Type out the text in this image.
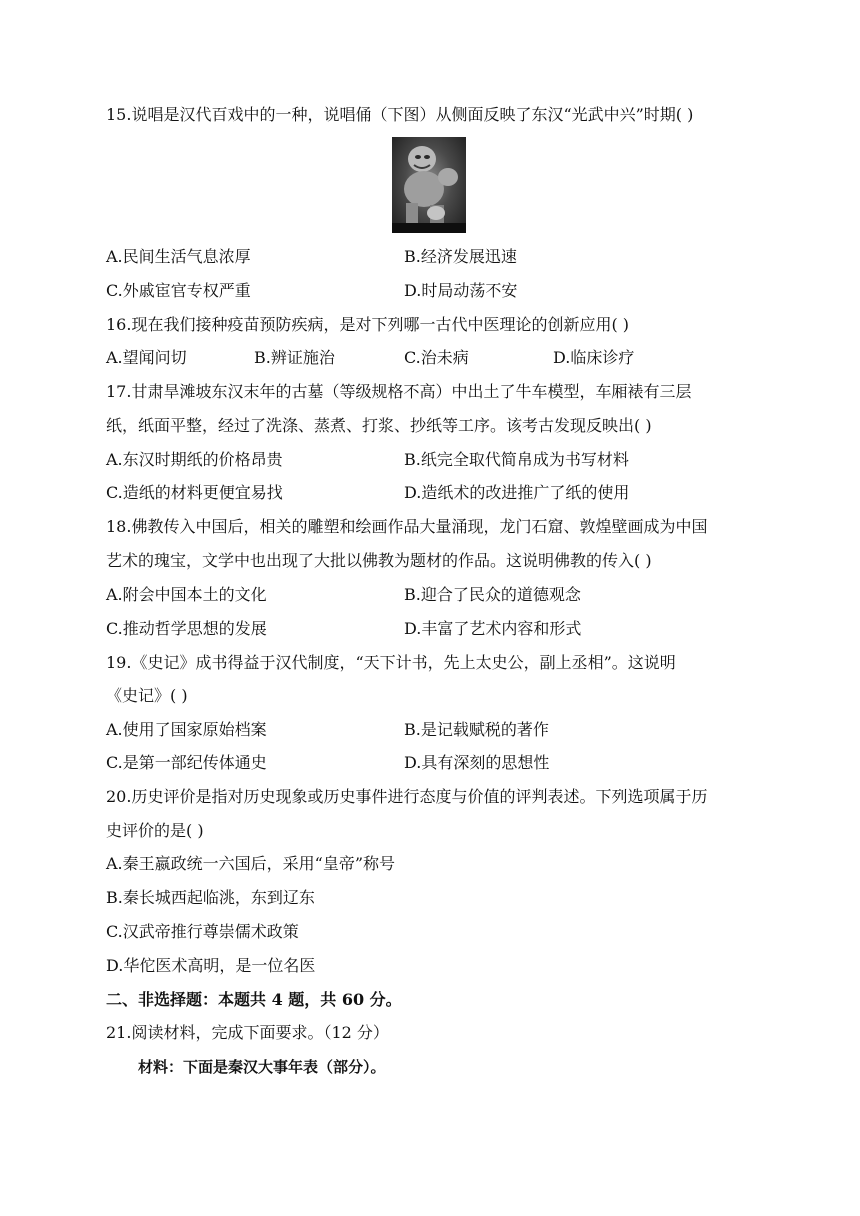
15.说唱是汉代百戏中的一种，说唱俑（下图）从侧面反映了东汉“光武中兴”时期( )
A.民间生活气息浓厚	B.经济发展迅速
C.外戚宦官专权严重	D.时局动荡不安
16.现在我们接种疫苗预防疾病，是对下列哪一古代中医理论的创新应用( )
A.望闻问切	B.辨证施治	C.治未病	D.临床诊疗
17.甘肃旱滩坡东汉末年的古墓（等级规格不高）中出土了牛车模型，车厢裱有三层
纸，纸面平整，经过了洗涤、蒸煮、打浆、抄纸等工序。该考古发现反映出( )
A.东汉时期纸的价格昂贵	B.纸完全取代简帛成为书写材料
C.造纸的材料更便宜易找	D.造纸术的改进推广了纸的使用
18.佛教传入中国后，相关的雕塑和绘画作品大量涌现，龙门石窟、敦煌壁画成为中国
艺术的瑰宝，文学中也出现了大批以佛教为题材的作品。这说明佛教的传入( )
A.附会中国本土的文化	B.迎合了民众的道德观念
C.推动哲学思想的发展	D.丰富了艺术内容和形式
19.《史记》成书得益于汉代制度，“天下计书，先上太史公，副上丞相”。这说明
《史记》( )
A.使用了国家原始档案	B.是记载赋税的著作
C.是第一部纪传体通史	D.具有深刻的思想性
20.历史评价是指对历史现象或历史事件进行态度与价值的评判表述。下列选项属于历
史评价的是( )
A.秦王嬴政统一六国后，采用“皇帝”称号
B.秦长城西起临洮，东到辽东
C.汉武帝推行尊崇儒术政策
D.华佗医术高明，是一位名医
二、非选择题：本题共 4 题，共 60 分。
21.阅读材料，完成下面要求。（12 分）
材料：下面是秦汉大事年表（部分）。
